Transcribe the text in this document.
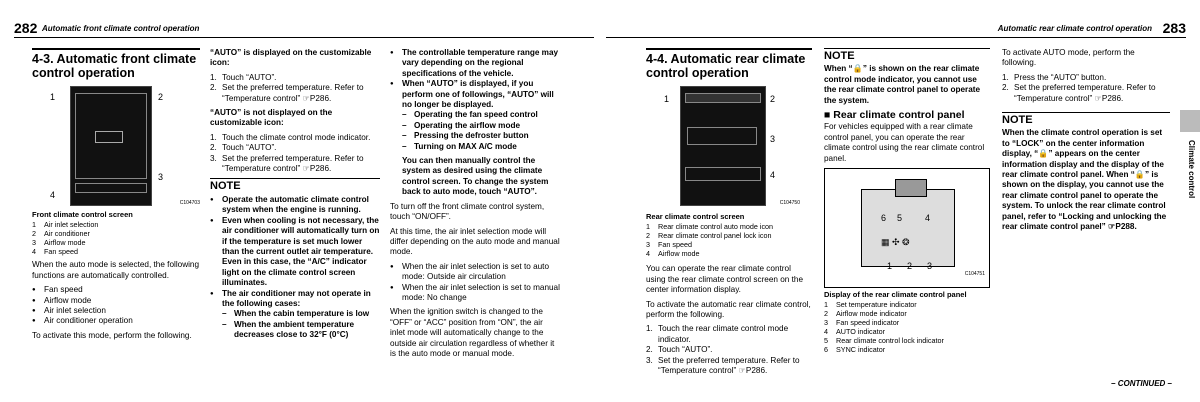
282 Automatic front climate control operation
4-3. Automatic front climate control operation
1	2
3
4
C104703
Front climate control screen
1 Air inlet selection
2 Air conditioner
3 Airflow mode
4 Fan speed

When the auto mode is selected, the following functions are automatically controlled.

● Fan speed
● Airflow mode
● Air inlet selection
● Air conditioner operation

To activate this mode, perform the following.

“AUTO” is displayed on the customizable icon:

1. Touch “AUTO”.
2. Set the preferred temperature. Refer to “Temperature control” ☞P286.

“AUTO” is not displayed on the customizable icon:

1. Touch the climate control mode indicator.
2. Touch “AUTO”.
3. Set the preferred temperature. Refer to “Temperature control” ☞P286.
NOTE
● Operate the automatic climate control system when the engine is running.
● Even when cooling is not necessary, the air conditioner will automatically turn on if the temperature is set much lower than the current outlet air temperature. Even in this case, the “A/C” indicator light on the climate control screen illuminates.
● The air conditioner may not operate in the following cases:
– When the cabin temperature is low
– When the ambient temperature decreases close to 32°F (0°C)
● The controllable temperature range may vary depending on the regional specifications of the vehicle.
● When “AUTO” is displayed, if you perform one of followings, “AUTO” will no longer be displayed.
– Operating the fan speed control
– Operating the airflow mode
– Pressing the defroster button
– Turning on MAX A/C mode

You can then manually control the system as desired using the climate control screen. To change the system back to auto mode, touch “AUTO”.

To turn off the front climate control system, touch “ON/OFF”.

At this time, the air inlet selection mode will differ depending on the auto mode and manual mode.

● When the air inlet selection is set to auto mode: Outside air circulation
● When the air inlet selection is set to manual mode: No change

When the ignition switch is changed to the “OFF” or “ACC” position from “ON”, the air inlet mode will automatically change to the outside air circulation regardless of whether it is the auto mode or manual mode.

Automatic rear climate control operation 283
4-4. Automatic rear climate control operation
1	2
3
4
C104750
Rear climate control screen
1 Rear climate control auto mode icon
2 Rear climate control panel lock icon
3 Fan speed
4 Airflow mode

You can operate the rear climate control using the rear climate control screen on the center information display.

To activate the automatic rear climate control, perform the following.

1. Touch the rear climate control mode indicator.
2. Touch “AUTO”.
3. Set the preferred temperature. Refer to “Temperature control” ☞P286.
NOTE

When “🔒” is shown on the rear climate control mode indicator, you cannot use the rear climate control panel to operate the system.

■ Rear climate control panel

For vehicles equipped with a rear climate control panel, you can operate the rear climate control using the rear climate control panel.

6 5	4
▦ ✣ ❂
1 2 3
C104751
Display of the rear climate control panel
1 Set temperature indicator
2 Airflow mode indicator
3 Fan speed indicator
4 AUTO indicator
5 Rear climate control lock indicator
6 SYNC indicator

To activate AUTO mode, perform the following.

1. Press the “AUTO” button.
2. Set the preferred temperature. Refer to “Temperature control” ☞P286.
NOTE

When the climate control operation is set to “LOCK” on the center information display, “🔒” appears on the center information display and the display of the rear climate control panel. When “🔒” is shown on the display, you cannot use the rear climate control panel to operate the system. To unlock the rear climate control panel, refer to “Locking and unlocking the rear climate control panel” ☞P288.

Climate control
– CONTINUED –
